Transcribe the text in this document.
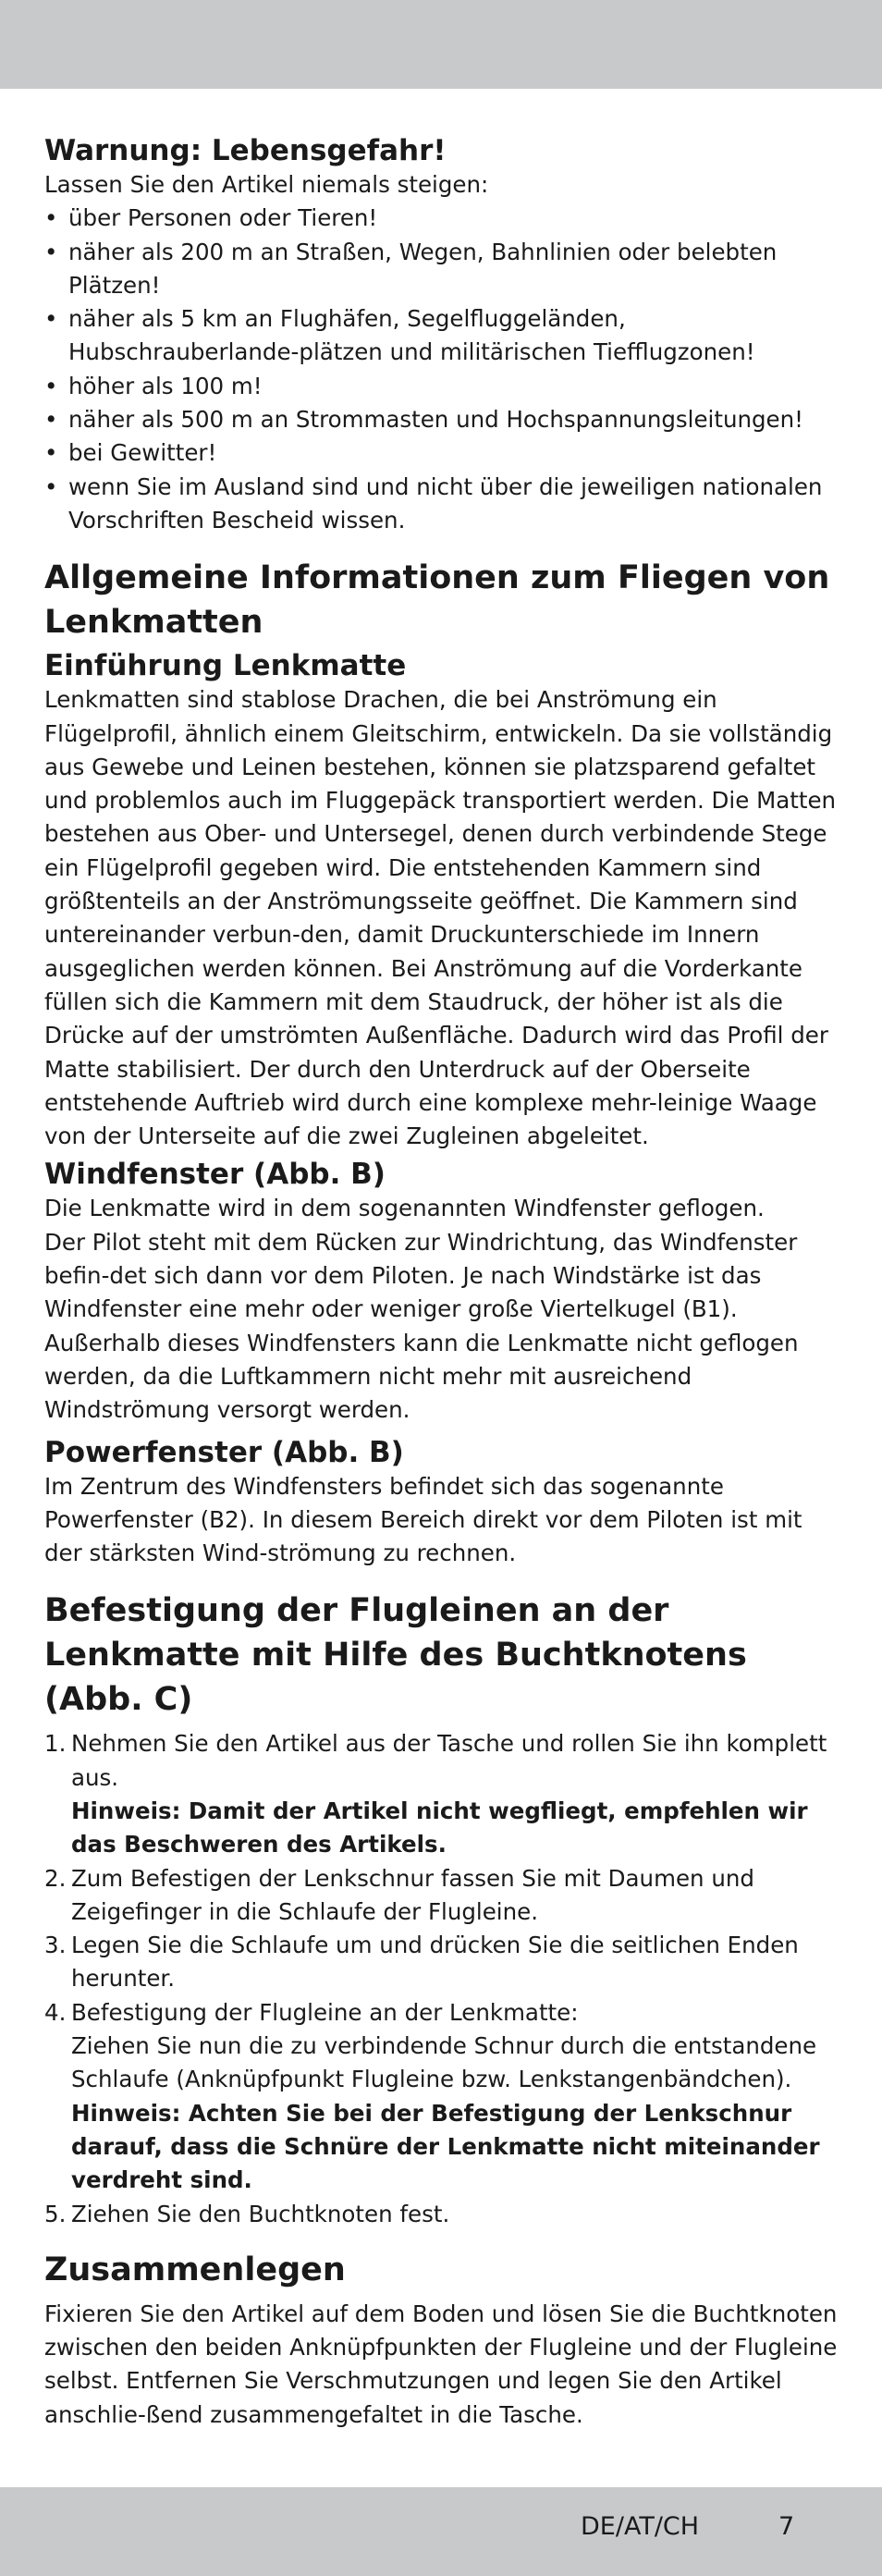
Warnung: Lebensgefahr!

Lassen Sie den Artikel niemals steigen:

• über Personen oder Tieren!
• näher als 200 m an Straßen, Wegen, Bahnlinien oder belebten Plätzen!
• näher als 5 km an Flughäfen, Segelfluggeländen, Hubschrauberlande-plätzen und militärischen Tiefflugzonen!
• höher als 100 m!
• näher als 500 m an Strommasten und Hochspannungsleitungen!
• bei Gewitter!
• wenn Sie im Ausland sind und nicht über die jeweiligen nationalen Vorschriften Bescheid wissen.
Allgemeine Informationen zum Fliegen von Lenkmatten
Einführung Lenkmatte

Lenkmatten sind stablose Drachen, die bei Anströmung ein Flügelprofil, ähnlich einem Gleitschirm, entwickeln. Da sie vollständig aus Gewebe und Leinen bestehen, können sie platzsparend gefaltet und problemlos auch im Fluggepäck transportiert werden. Die Matten bestehen aus Ober- und Untersegel, denen durch verbindende Stege ein Flügelprofil gegeben wird. Die entstehenden Kammern sind größtenteils an der Anströmungsseite geöffnet. Die Kammern sind untereinander verbun-den, damit Druckunterschiede im Innern ausgeglichen werden können. Bei Anströmung auf die Vorderkante füllen sich die Kammern mit dem Staudruck, der höher ist als die Drücke auf der umströmten Außenfläche. Dadurch wird das Profil der Matte stabilisiert. Der durch den Unterdruck auf der Oberseite entstehende Auftrieb wird durch eine komplexe mehr-leinige Waage von der Unterseite auf die zwei Zugleinen abgeleitet.

Windfenster (Abb. B)

Die Lenkmatte wird in dem sogenannten Windfenster geflogen.

Der Pilot steht mit dem Rücken zur Windrichtung, das Windfenster befin-det sich dann vor dem Piloten. Je nach Windstärke ist das Windfenster eine mehr oder weniger große Viertelkugel (B1).

Außerhalb dieses Windfensters kann die Lenkmatte nicht geflogen werden, da die Luftkammern nicht mehr mit ausreichend Windströmung versorgt werden.

Powerfenster (Abb. B)

Im Zentrum des Windfensters befindet sich das sogenannte Powerfenster (B2). In diesem Bereich direkt vor dem Piloten ist mit der stärksten Wind-strömung zu rechnen.

Befestigung der Flugleinen an der Lenkmatte mit Hilfe des Buchtknotens (Abb. C)
1. Nehmen Sie den Artikel aus der Tasche und rollen Sie ihn komplett aus.
Hinweis: Damit der Artikel nicht wegfliegt, empfehlen wir das Beschweren des Artikels.
2. Zum Befestigen der Lenkschnur fassen Sie mit Daumen und Zeigefinger in die Schlaufe der Flugleine.
3. Legen Sie die Schlaufe um und drücken Sie die seitlichen Enden herunter.
4. Befestigung der Flugleine an der Lenkmatte:
Ziehen Sie nun die zu verbindende Schnur durch die entstandene Schlaufe (Anknüpfpunkt Flugleine bzw. Lenkstangenbändchen).
Hinweis: Achten Sie bei der Befestigung der Lenkschnur darauf, dass die Schnüre der Lenkmatte nicht miteinander verdreht sind.
5. Ziehen Sie den Buchtknoten fest.
Zusammenlegen

Fixieren Sie den Artikel auf dem Boden und lösen Sie die Buchtknoten zwischen den beiden Anknüpfpunkten der Flugleine und der Flugleine selbst. Entfernen Sie Verschmutzungen und legen Sie den Artikel anschlie-ßend zusammengefaltet in die Tasche.

DE/AT/CH	7
